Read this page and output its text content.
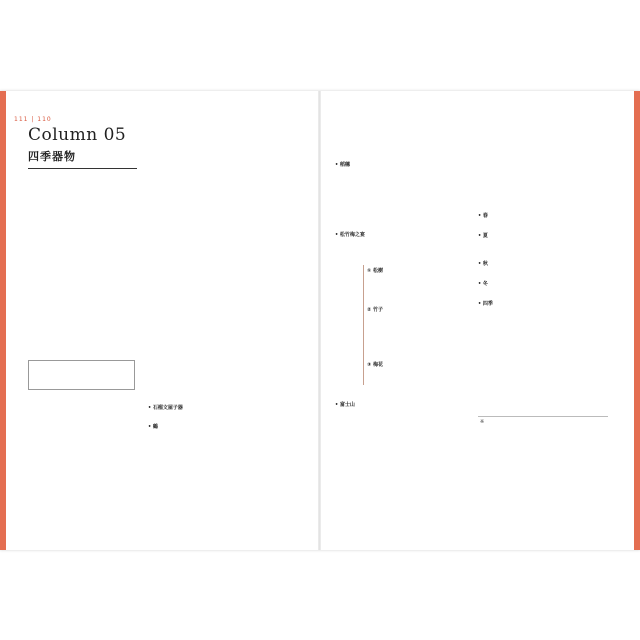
111 | 110
Column 05
四季器物
• 石榴文屋子器
• 鶴
• 稻穗
• 松竹梅之宴
① 松樹
② 竹子
③ 梅花
• 富士山
• 春
• 夏
• 秋
• 冬
• 四季
※
